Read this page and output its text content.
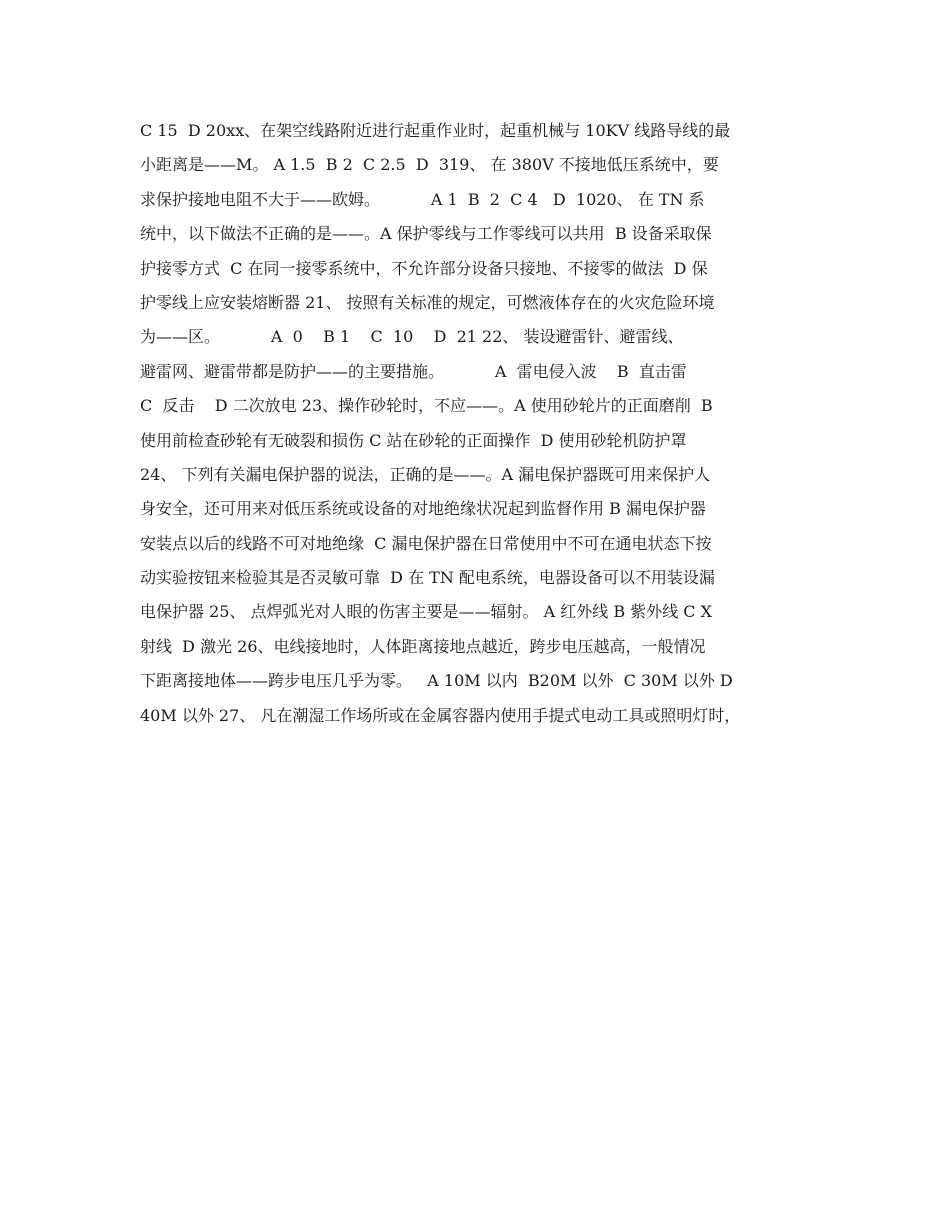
C 15  D 20xx、在架空线路附近进行起重作业时，起重机械与 10KV 线路导线的最
小距离是——M。 A 1.5  B 2  C 2.5  D  319、 在 380V 不接地低压系统中，要
求保护接地电阻不大于——欧姆。          A 1  B  2  C 4   D  1020、 在 TN 系
统中，以下做法不正确的是——。A 保护零线与工作零线可以共用  B 设备采取保
护接零方式  C 在同一接零系统中，不允许部分设备只接地、不接零的做法  D 保
护零线上应安装熔断器 21、 按照有关标准的规定，可燃液体存在的火灾危险环境
为——区。          A  0    B 1    C  10    D  21 22、 装设避雷针、避雷线、
避雷网、避雷带都是防护——的主要措施。          A  雷电侵入波    B  直击雷
C  反击    D 二次放电 23、操作砂轮时，不应——。A 使用砂轮片的正面磨削  B
使用前检查砂轮有无破裂和损伤 C 站在砂轮的正面操作  D 使用砂轮机防护罩
24、 下列有关漏电保护器的说法，正确的是——。A 漏电保护器既可用来保护人
身安全，还可用来对低压系统或设备的对地绝缘状况起到监督作用 B 漏电保护器
安装点以后的线路不可对地绝缘  C 漏电保护器在日常使用中不可在通电状态下按
动实验按钮来检验其是否灵敏可靠  D 在 TN 配电系统，电器设备可以不用装设漏
电保护器 25、 点焊弧光对人眼的伤害主要是——辐射。 A 红外线 B 紫外线 C X
射线  D 激光 26、电线接地时，人体距离接地点越近，跨步电压越高，一般情况
下距离接地体——跨步电压几乎为零。   A 10M 以内  B20M 以外  C 30M 以外 D
40M 以外 27、 凡在潮湿工作场所或在金属容器内使用手提式电动工具或照明灯时，
